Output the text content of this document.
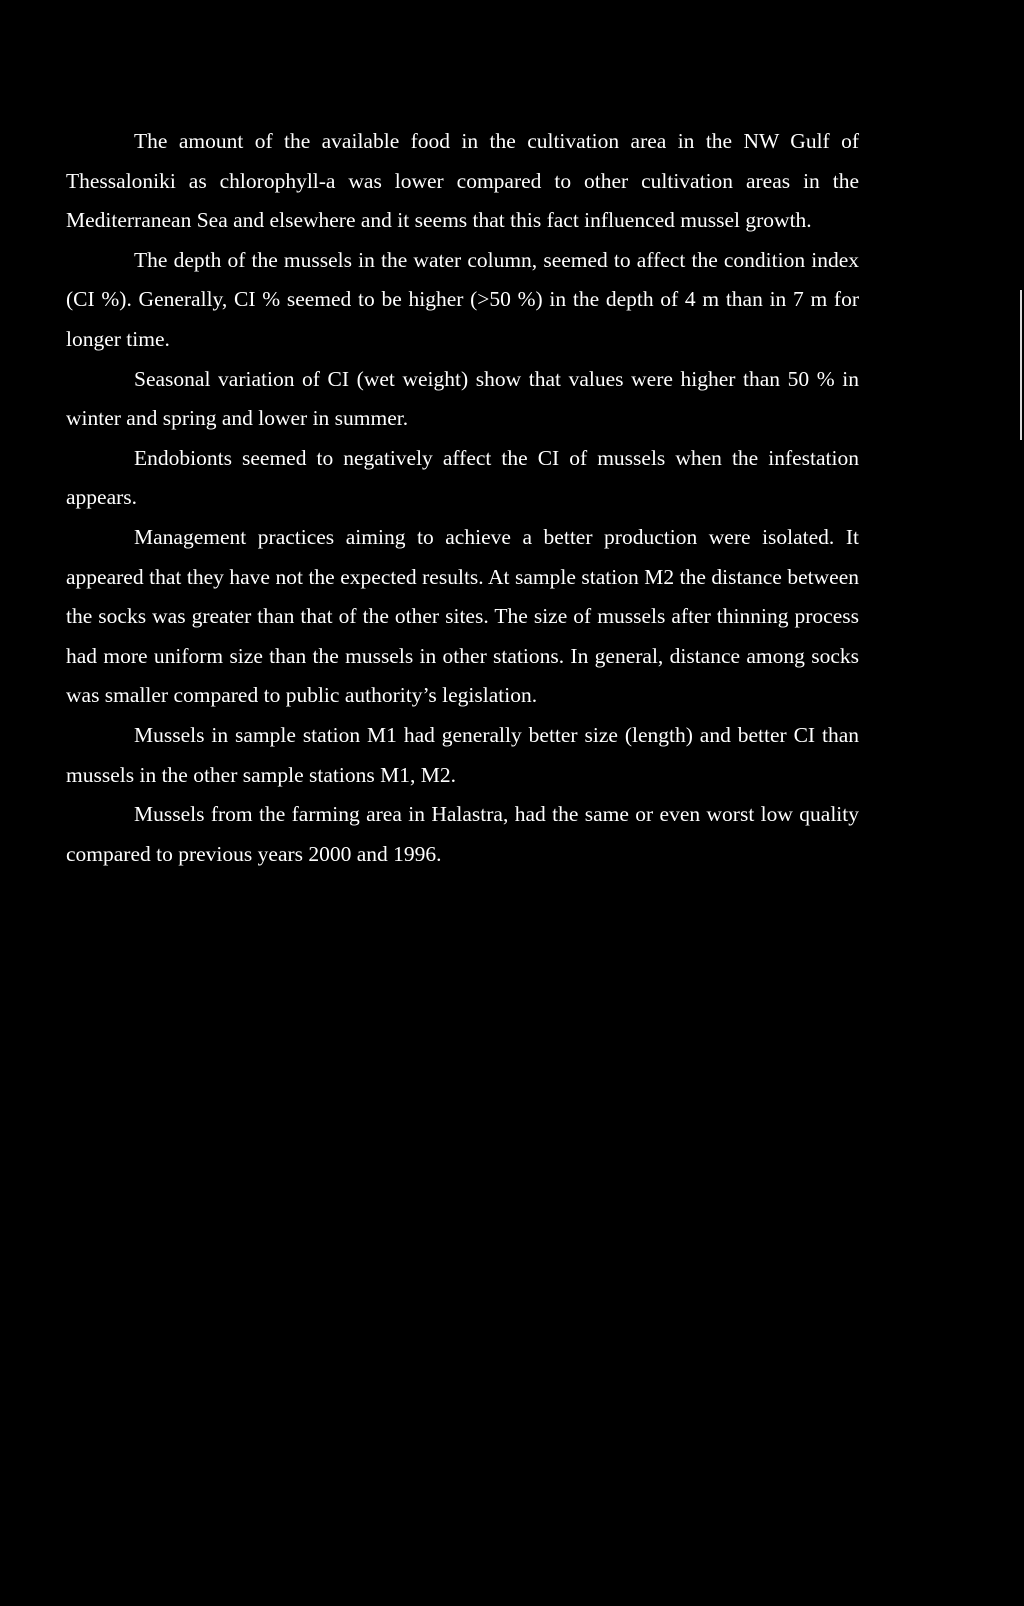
The amount of the available food in the cultivation area in the NW Gulf of Thessaloniki as chlorophyll-a was lower compared to other cultivation areas in the Mediterranean Sea and elsewhere and it seems that this fact influenced mussel growth.

The depth of the mussels in the water column, seemed to affect the condition index (CI %). Generally, CI % seemed to be higher (>50 %) in the depth of 4 m than in 7 m for longer time.

Seasonal variation of CI (wet weight) show that values were higher than 50 % in winter and spring and lower in summer.

Endobionts seemed to negatively affect the CI of mussels when the infestation appears.

Management practices aiming to achieve a better production were isolated. It appeared that they have not the expected results. At sample station M2 the distance between the socks was greater than that of the other sites. The size of mussels after thinning process had more uniform size than the mussels in other stations. In general, distance among socks was smaller compared to public authority’s legislation.

Mussels in sample station M1 had generally better size (length) and better CI than mussels in the other sample stations M1, M2.

Mussels from the farming area in Halastra, had the same or even worst low quality compared to previous years 2000 and 1996.
